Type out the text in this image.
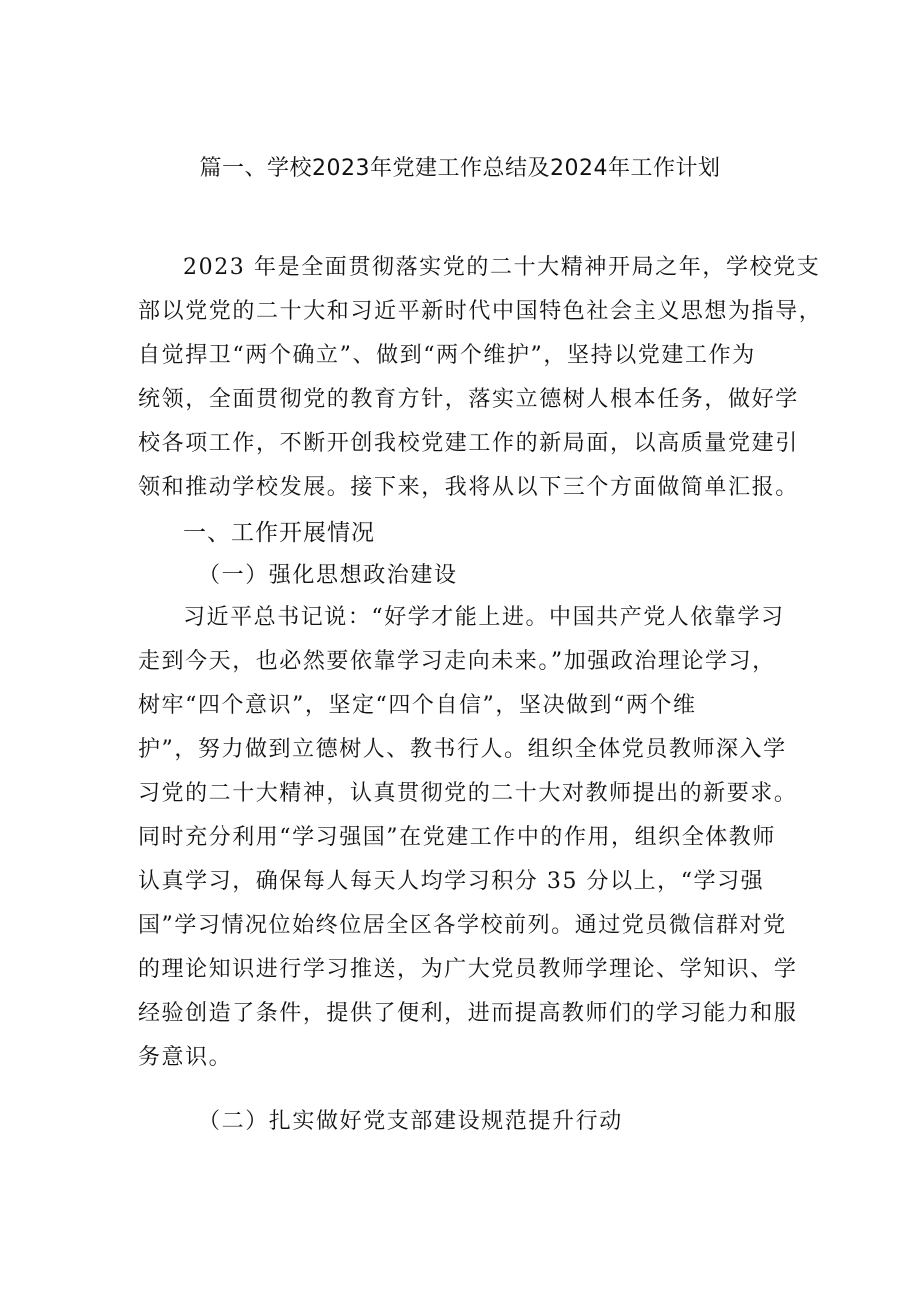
篇一、学校2023年党建工作总结及2024年工作计划

2023 年是全面贯彻落实党的二十大精神开局之年，学校党支

部以党党的二十大和习近平新时代中国特色社会主义思想为指导，

自觉捍卫“两个确立”、做到“两个维护”，坚持以党建工作为

统领，全面贯彻党的教育方针，落实立德树人根本任务，做好学

校各项工作，不断开创我校党建工作的新局面，以高质量党建引

领和推动学校发展。接下来，我将从以下三个方面做简单汇报。

一、工作开展情况

（一）强化思想政治建设

习近平总书记说：“好学才能上进。中国共产党人依靠学习

走到今天，也必然要依靠学习走向未来。”加强政治理论学习，

树牢“四个意识”，坚定“四个自信”，坚决做到“两个维

护”，努力做到立德树人、教书行人。组织全体党员教师深入学

习党的二十大精神，认真贯彻党的二十大对教师提出的新要求。

同时充分利用“学习强国”在党建工作中的作用，组织全体教师

认真学习，确保每人每天人均学习积分 35 分以上，“学习强

国”学习情况位始终位居全区各学校前列。通过党员微信群对党

的理论知识进行学习推送，为广大党员教师学理论、学知识、学

经验创造了条件，提供了便利，进而提高教师们的学习能力和服

务意识。

（二）扎实做好党支部建设规范提升行动
